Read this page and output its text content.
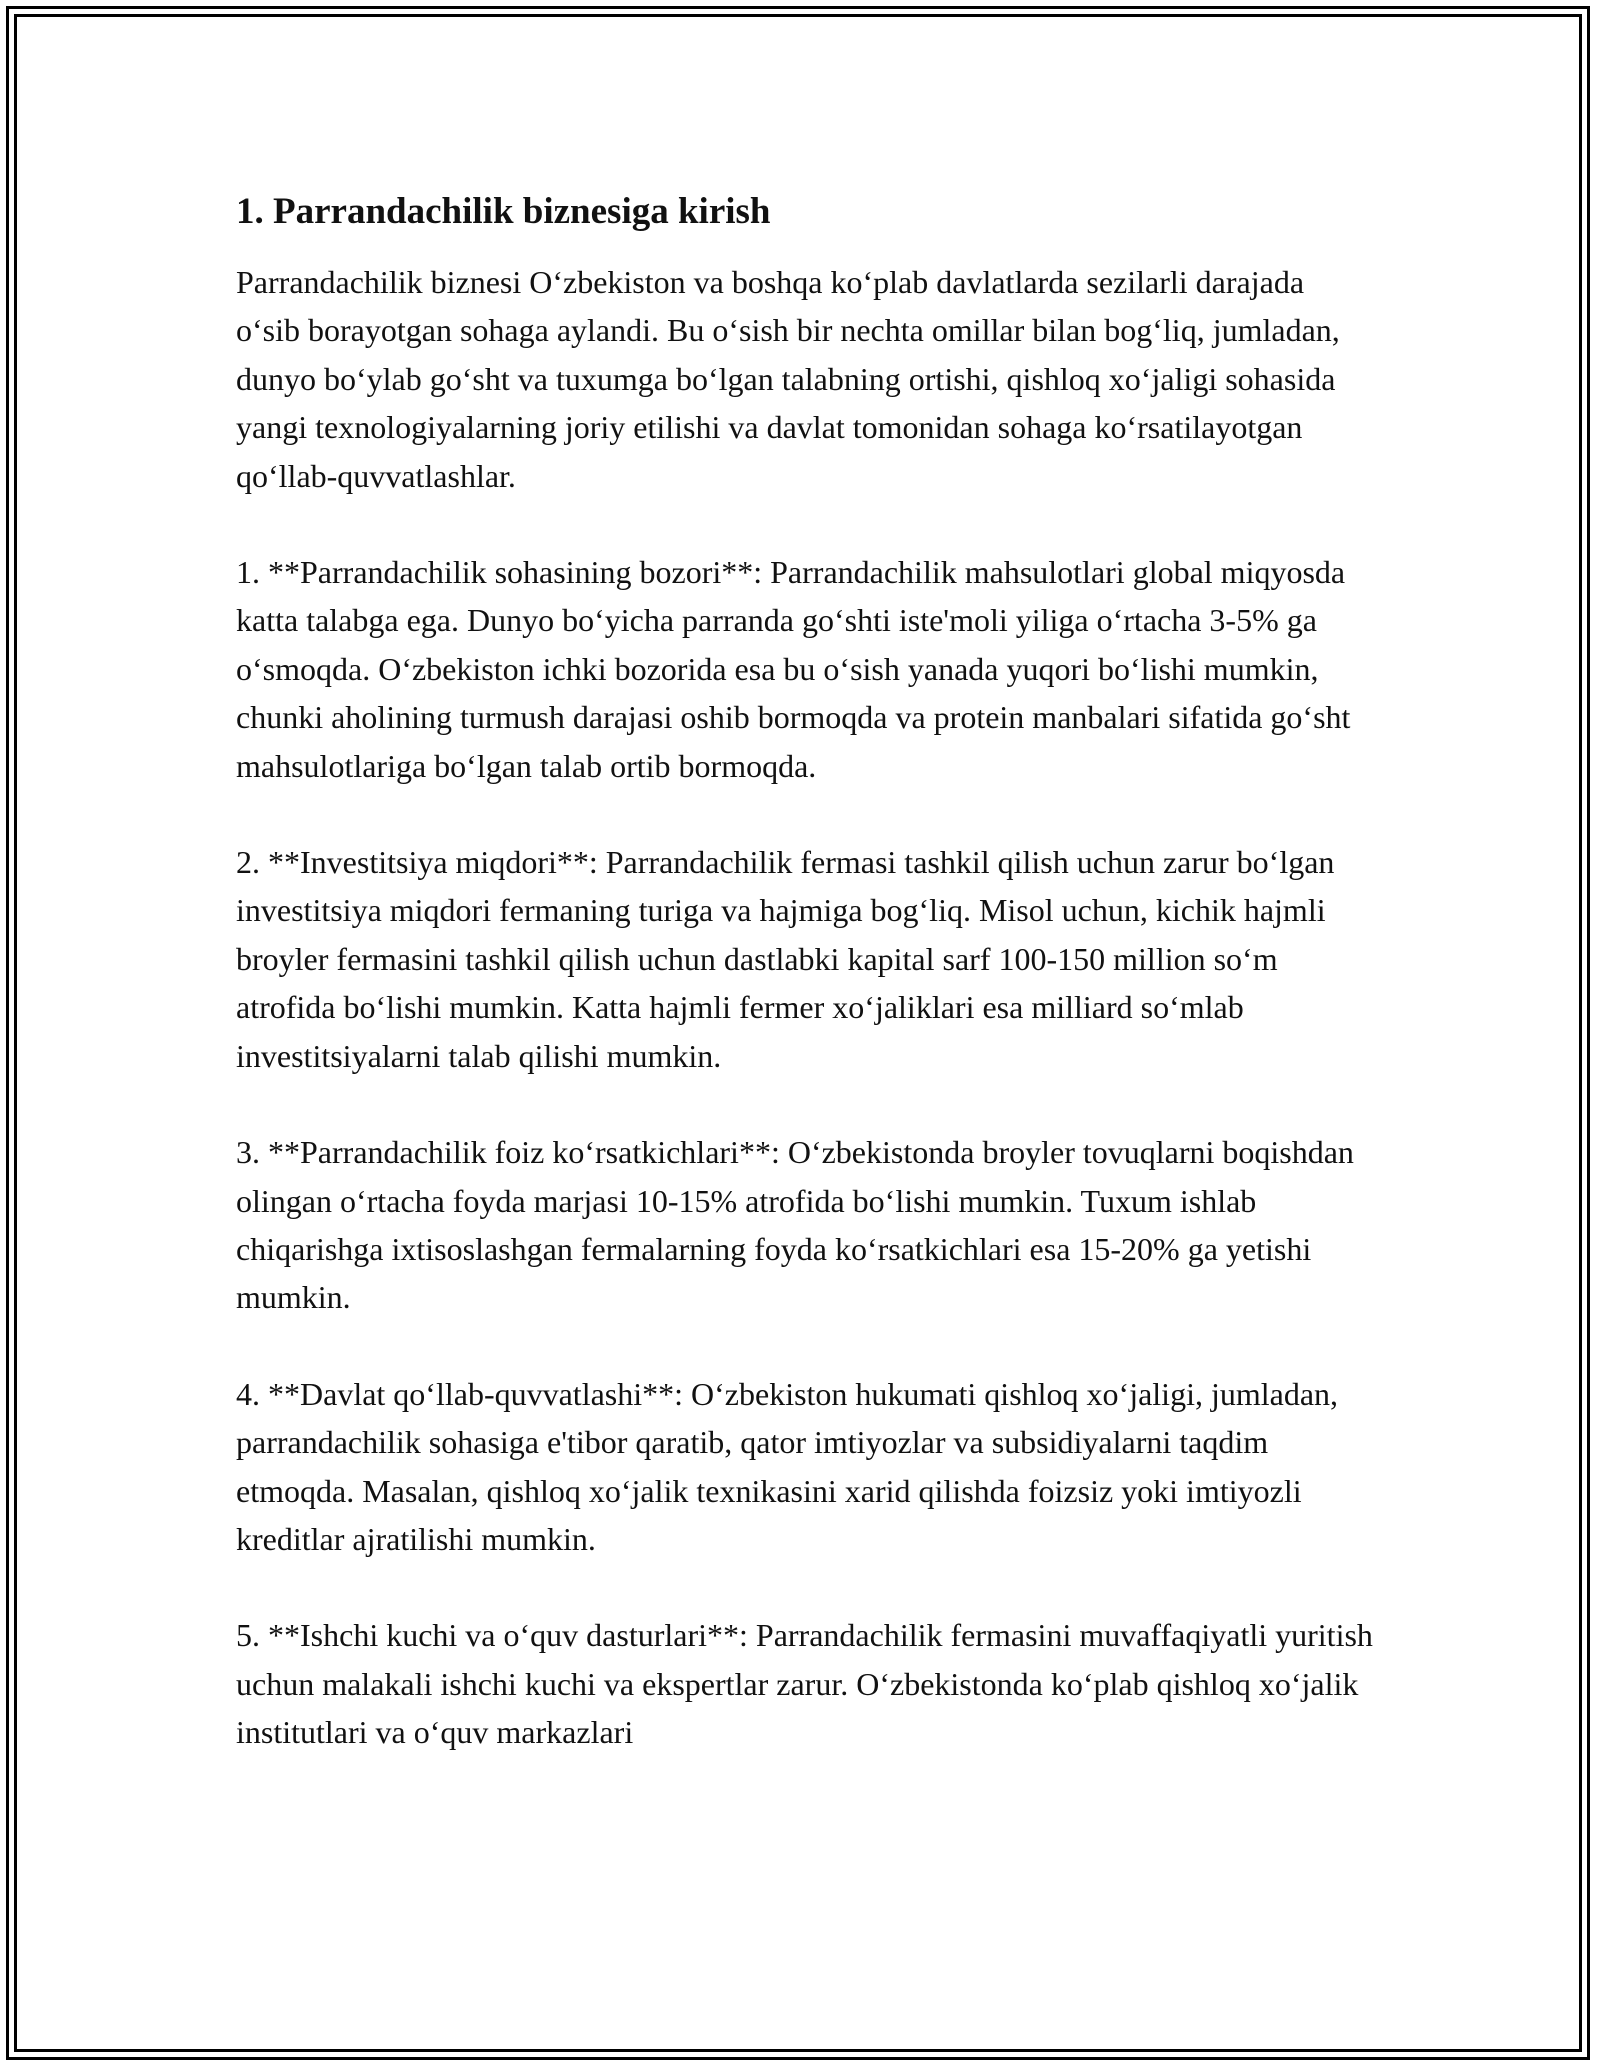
1. Parrandachilik biznesiga kirish

Parrandachilik biznesi O‘zbekiston va boshqa ko‘plab davlatlarda sezilarli darajada o‘sib borayotgan sohaga aylandi. Bu o‘sish bir nechta omillar bilan bog‘liq, jumladan, dunyo bo‘ylab go‘sht va tuxumga bo‘lgan talabning ortishi, qishloq xo‘jaligi sohasida yangi texnologiyalarning joriy etilishi va davlat tomonidan sohaga ko‘rsatilayotgan qo‘llab-quvvatlashlar.

1. **Parrandachilik sohasining bozori**: Parrandachilik mahsulotlari global miqyosda katta talabga ega. Dunyo bo‘yicha parranda go‘shti iste'moli yiliga o‘rtacha 3-5% ga o‘smoqda. O‘zbekiston ichki bozorida esa bu o‘sish yanada yuqori bo‘lishi mumkin, chunki aholining turmush darajasi oshib bormoqda va protein manbalari sifatida go‘sht mahsulotlariga bo‘lgan talab ortib bormoqda.

2. **Investitsiya miqdori**: Parrandachilik fermasi tashkil qilish uchun zarur bo‘lgan investitsiya miqdori fermaning turiga va hajmiga bog‘liq. Misol uchun, kichik hajmli broyler fermasini tashkil qilish uchun dastlabki kapital sarf 100-150 million so‘m atrofida bo‘lishi mumkin. Katta hajmli fermer xo‘jaliklari esa milliard so‘mlab investitsiyalarni talab qilishi mumkin.

3. **Parrandachilik foiz ko‘rsatkichlari**: O‘zbekistonda broyler tovuqlarni boqishdan olingan o‘rtacha foyda marjasi 10-15% atrofida bo‘lishi mumkin. Tuxum ishlab chiqarishga ixtisoslashgan fermalarning foyda ko‘rsatkichlari esa 15-20% ga yetishi mumkin.

4. **Davlat qo‘llab-quvvatlashi**: O‘zbekiston hukumati qishloq xo‘jaligi, jumladan, parrandachilik sohasiga e'tibor qaratib, qator imtiyozlar va subsidiyalarni taqdim etmoqda. Masalan, qishloq xo‘jalik texnikasini xarid qilishda foizsiz yoki imtiyozli kreditlar ajratilishi mumkin.

5. **Ishchi kuchi va o‘quv dasturlari**: Parrandachilik fermasini muvaffaqiyatli yuritish uchun malakali ishchi kuchi va ekspertlar zarur. O‘zbekistonda ko‘plab qishloq xo‘jalik institutlari va o‘quv markazlari
